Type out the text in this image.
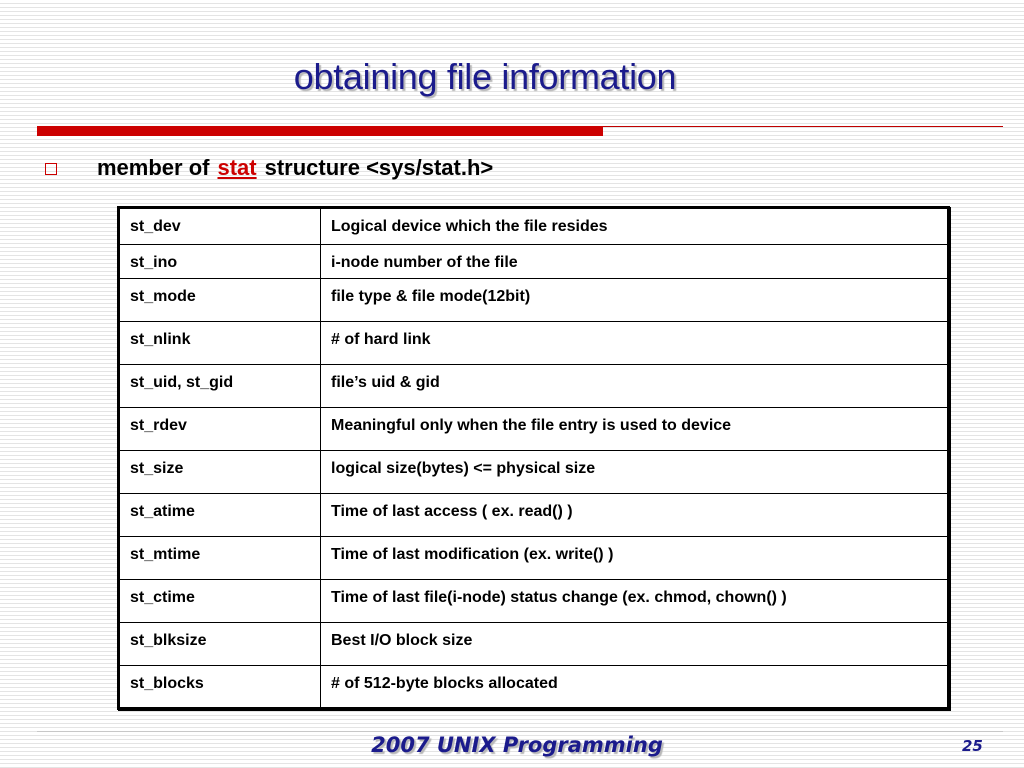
obtaining file information
member of stat structure <sys/stat.h>
st_dev	Logical device which the file resides
st_ino	i-node number of the file
st_mode	file type & file mode(12bit)
st_nlink	# of hard link
st_uid, st_gid	file’s uid & gid
st_rdev	Meaningful only when the file entry is used to device
st_size	logical size(bytes) <= physical size
st_atime	Time of last access ( ex. read() )
st_mtime	Time of last modification (ex. write() )
st_ctime	Time of last file(i-node) status change (ex. chmod, chown() )
st_blksize	Best I/O block size
st_blocks	# of 512-byte blocks allocated
2007 UNIX Programming	25
